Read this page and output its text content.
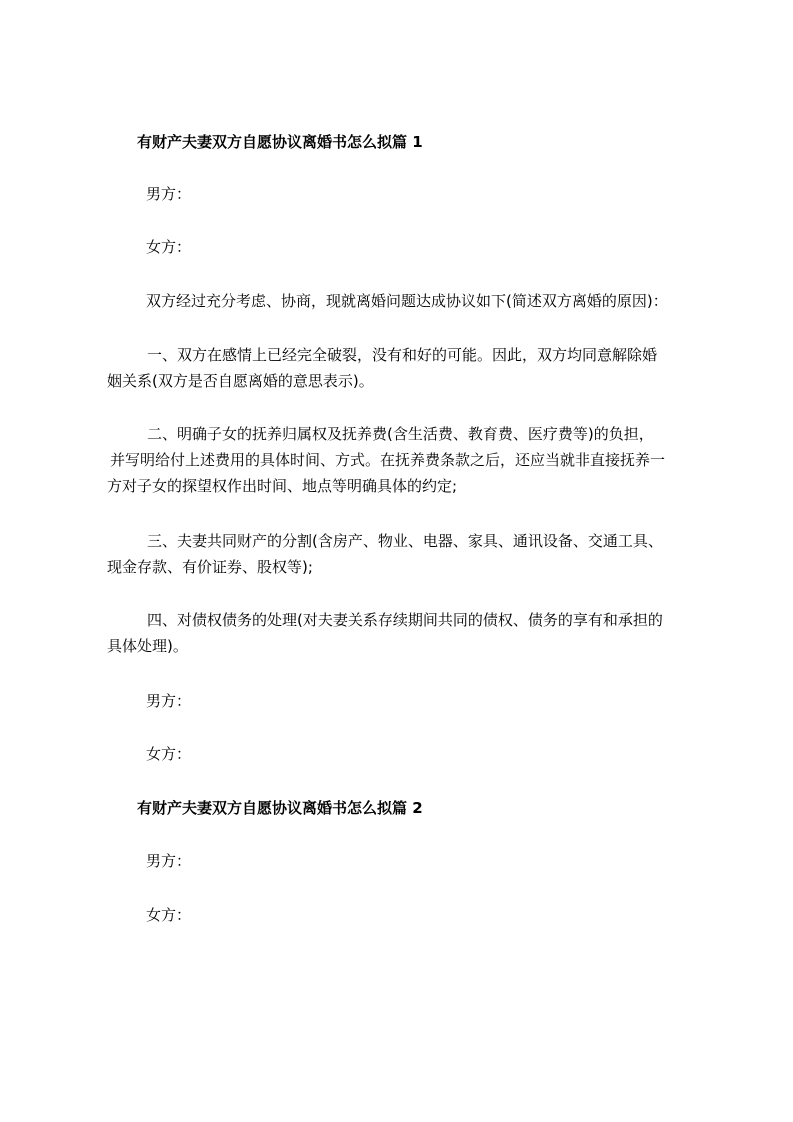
有财产夫妻双方自愿协议离婚书怎么拟篇 1
男方：
女方：
双方经过充分考虑、协商，现就离婚问题达成协议如下(简述双方离婚的原因)：
一、双方在感情上已经完全破裂，没有和好的可能。因此，双方均同意解除婚
姻关系(双方是否自愿离婚的意思表示)。
二、明确子女的抚养归属权及抚养费(含生活费、教育费、医疗费等)的负担，
并写明给付上述费用的具体时间、方式。在抚养费条款之后，还应当就非直接抚养一
方对子女的探望权作出时间、地点等明确具体的约定;
三、夫妻共同财产的分割(含房产、物业、电器、家具、通讯设备、交通工具、
现金存款、有价证券、股权等);
四、对债权债务的处理(对夫妻关系存续期间共同的债权、债务的享有和承担的
具体处理)。
男方：
女方：
有财产夫妻双方自愿协议离婚书怎么拟篇 2
男方：
女方：
